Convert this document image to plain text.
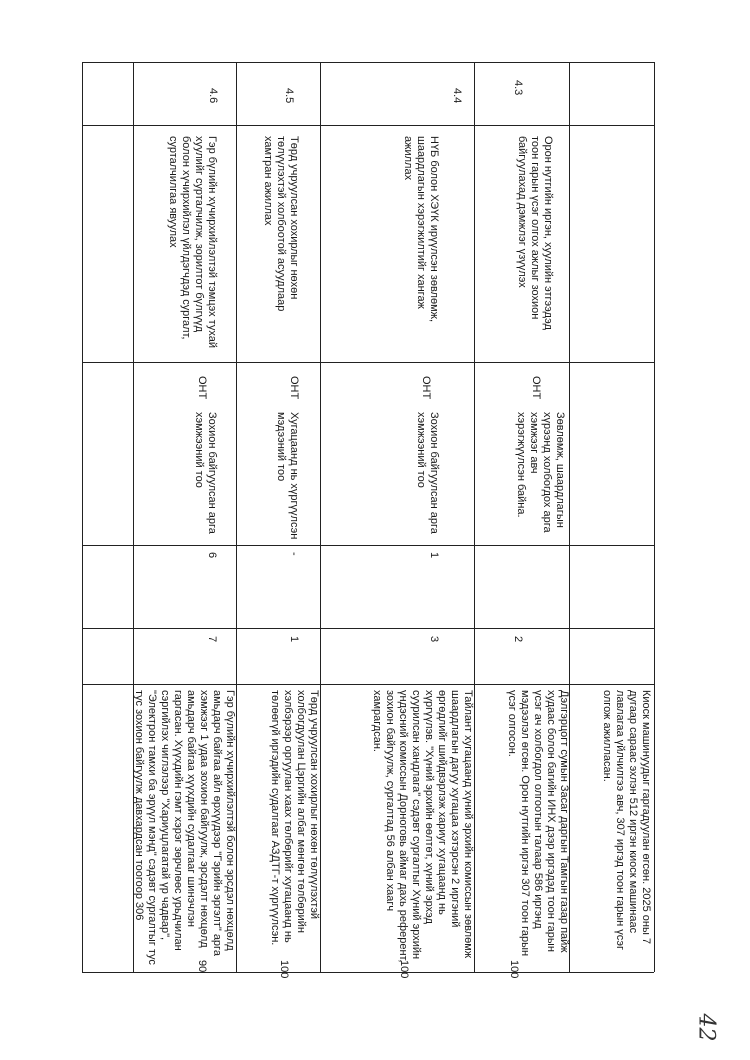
4.3
4.4
4.5
4.6
Орон нутгийн иргэн, хуулийн этгээдэд тоон гарын үсэг олгох ажлыг зохион байгуулахад дэмжлэг үзүүлэх
НҮБ болон ХЭҮК ирүүлсэн зөвлөмж, шаардлагын хэрэгжилтийг хангаж ажиллах
Төрд учруулсан хохирлыг нөхөн төлүүлэхтэй холбоотой асуудлаар хамтран ажиллах
Гэр бүлийн хүчирхийлэлтэй тэмцэх тухай хуулийг сурталчилж, зорилтот бүлгүүд болон хүчирхийлэл үйлдэгчдэд сургалт, сурталчилгаа явуулах
ОНТ
ОНТ
ОНТ
ОНТ
Зөвлөмж, шаардлагын хүрээнд холбогдох арга хэмжээг авч хэрэгжүүлсэн байна.
Зохион байгуулсан арга хэмжээний тоо
Хугацаанд нь хүргүүлсэн мэдээний тоо
Зохион байгуулсан арга хэмжээний тоо
1
-
6
2
3
1
7
Киоск машинуудыг гаргадуулан өгсөн. 2025 оны 7 дугаар сараас эхлэн 512 иргэн киоск машинаас лавлагаа үйлчилгээ авч, 307 иргэд тоон гарын үсэг олгож ажилласан.
Дэлгэрцогт сумын Засаг даргын Тамгын газар пайж худаас болон багийн ИНХ дээр иргэдэд тоон гарын үсэг ач холбогдол олгоотын талаар 586 иргэнд мэдээлэл өгсөн. Орон нутгийн иргэн 307 тоон гарын үсэг олгосон.
Тайлант хугацаанд хүний эрхийн комиссын зөвлөмж шаардлагын дагуу хугацаа хэтэрсэн 2 иргэний өргөдлийг шийдвэрлэж хариуг хугацаанд нь хүргүүлэв. "Хүний эрхийн өөлтөт, хүний эрхэд суурилсан хандлага" сэдэвт сургалтыг Хүний эрхийн үндэсний комиссын Дорноговь аймаг дахь референт, зохион байгуулж, сургалтад 56 албан хаагч хамрагдсан.
Төрд учруулсан хохирлыг нөхөн төлүүлэхтэй холбогдуулан Цэргийн албаг мөнгөн төлбөрийн хэлбэрээр оргуулан хаах төлбөрийг хугацаанд нь төлөөгүй иргэдийн судалгааг АЗДТГ-т хүргүүлсэн.
Гэр бүлийн хүчирхийлэлтэй болон эрсдэл нөхцөлд амьдарч байгаа айл өрхүүдээр "Гэрийн эргэлт" арга хэмжээг 1 удаа зохион байгуулж, эрсдэлт нөхцөлд амьдарч байгаа хүүхдийн судалгааг шинэчлэн гаргасан. Хүүхдийн гэмт хэрэг зөрчлөөс урьдчилан сэргийлэх чиглэлээр "Хариуцлагатай үр чадвар", "Электрон тамхи ба эрүүл мэнд" сэдэвт сургалтыг тус тус зохион байгуулж давхардсан тоогоор 306
100
100
100
90
42
